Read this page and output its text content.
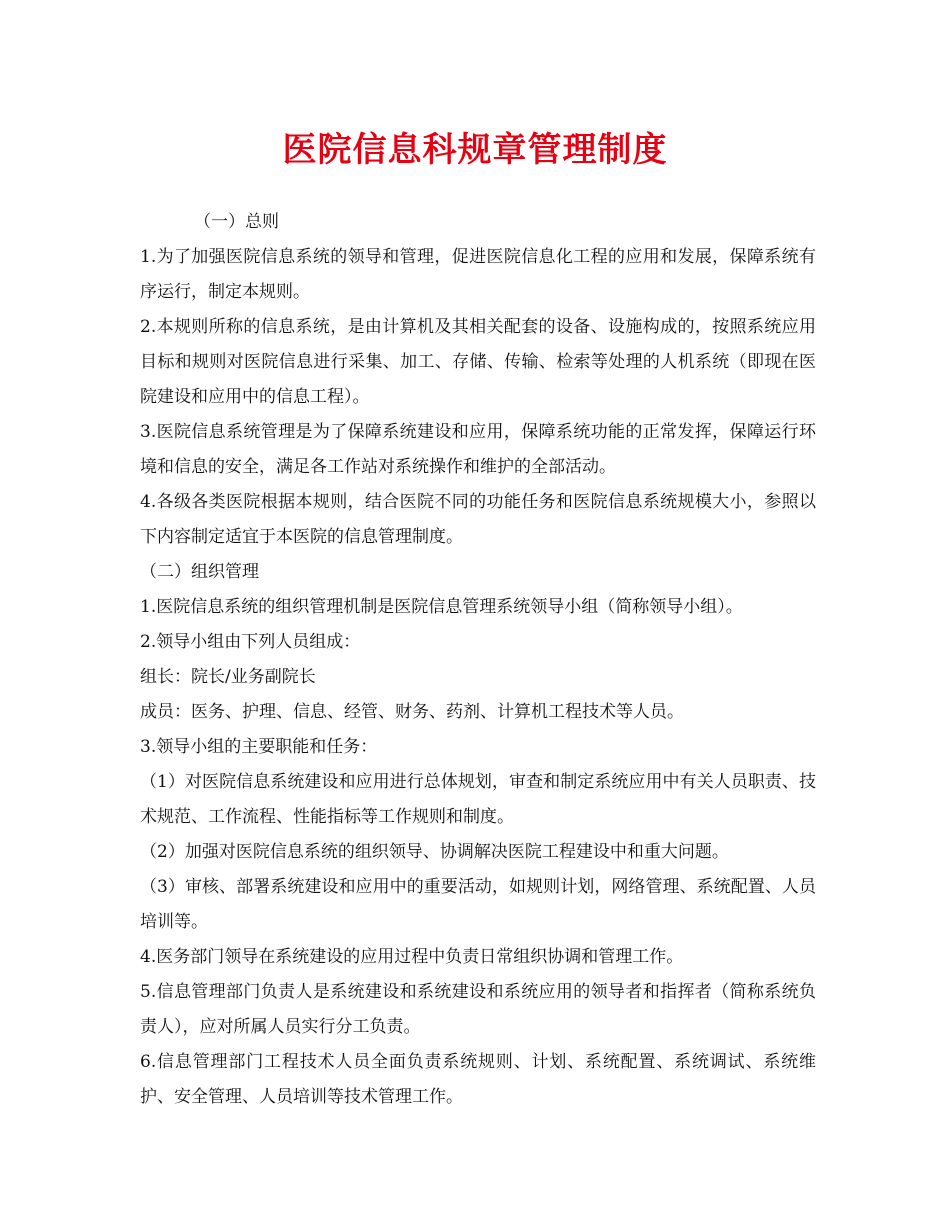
医院信息科规章管理制度

（一）总则

1.为了加强医院信息系统的领导和管理，促进医院信息化工程的应用和发展，保障系统有序运行，制定本规则。

2.本规则所称的信息系统，是由计算机及其相关配套的设备、设施构成的，按照系统应用目标和规则对医院信息进行采集、加工、存储、传输、检索等处理的人机系统（即现在医院建设和应用中的信息工程）。

3.医院信息系统管理是为了保障系统建设和应用，保障系统功能的正常发挥，保障运行环境和信息的安全，满足各工作站对系统操作和维护的全部活动。

4.各级各类医院根据本规则，结合医院不同的功能任务和医院信息系统规模大小，参照以下内容制定适宜于本医院的信息管理制度。

（二）组织管理

1.医院信息系统的组织管理机制是医院信息管理系统领导小组（简称领导小组）。

2.领导小组由下列人员组成：

组长：院长/业务副院长

成员：医务、护理、信息、经管、财务、药剂、计算机工程技术等人员。

3.领导小组的主要职能和任务：

（1）对医院信息系统建设和应用进行总体规划，审查和制定系统应用中有关人员职责、技术规范、工作流程、性能指标等工作规则和制度。

（2）加强对医院信息系统的组织领导、协调解决医院工程建设中和重大问题。

（3）审核、部署系统建设和应用中的重要活动，如规则计划，网络管理、系统配置、人员培训等。

4.医务部门领导在系统建设的应用过程中负责日常组织协调和管理工作。

5.信息管理部门负责人是系统建设和系统建设和系统应用的领导者和指挥者（简称系统负责人），应对所属人员实行分工负责。

6.信息管理部门工程技术人员全面负责系统规则、计划、系统配置、系统调试、系统维护、安全管理、人员培训等技术管理工作。
